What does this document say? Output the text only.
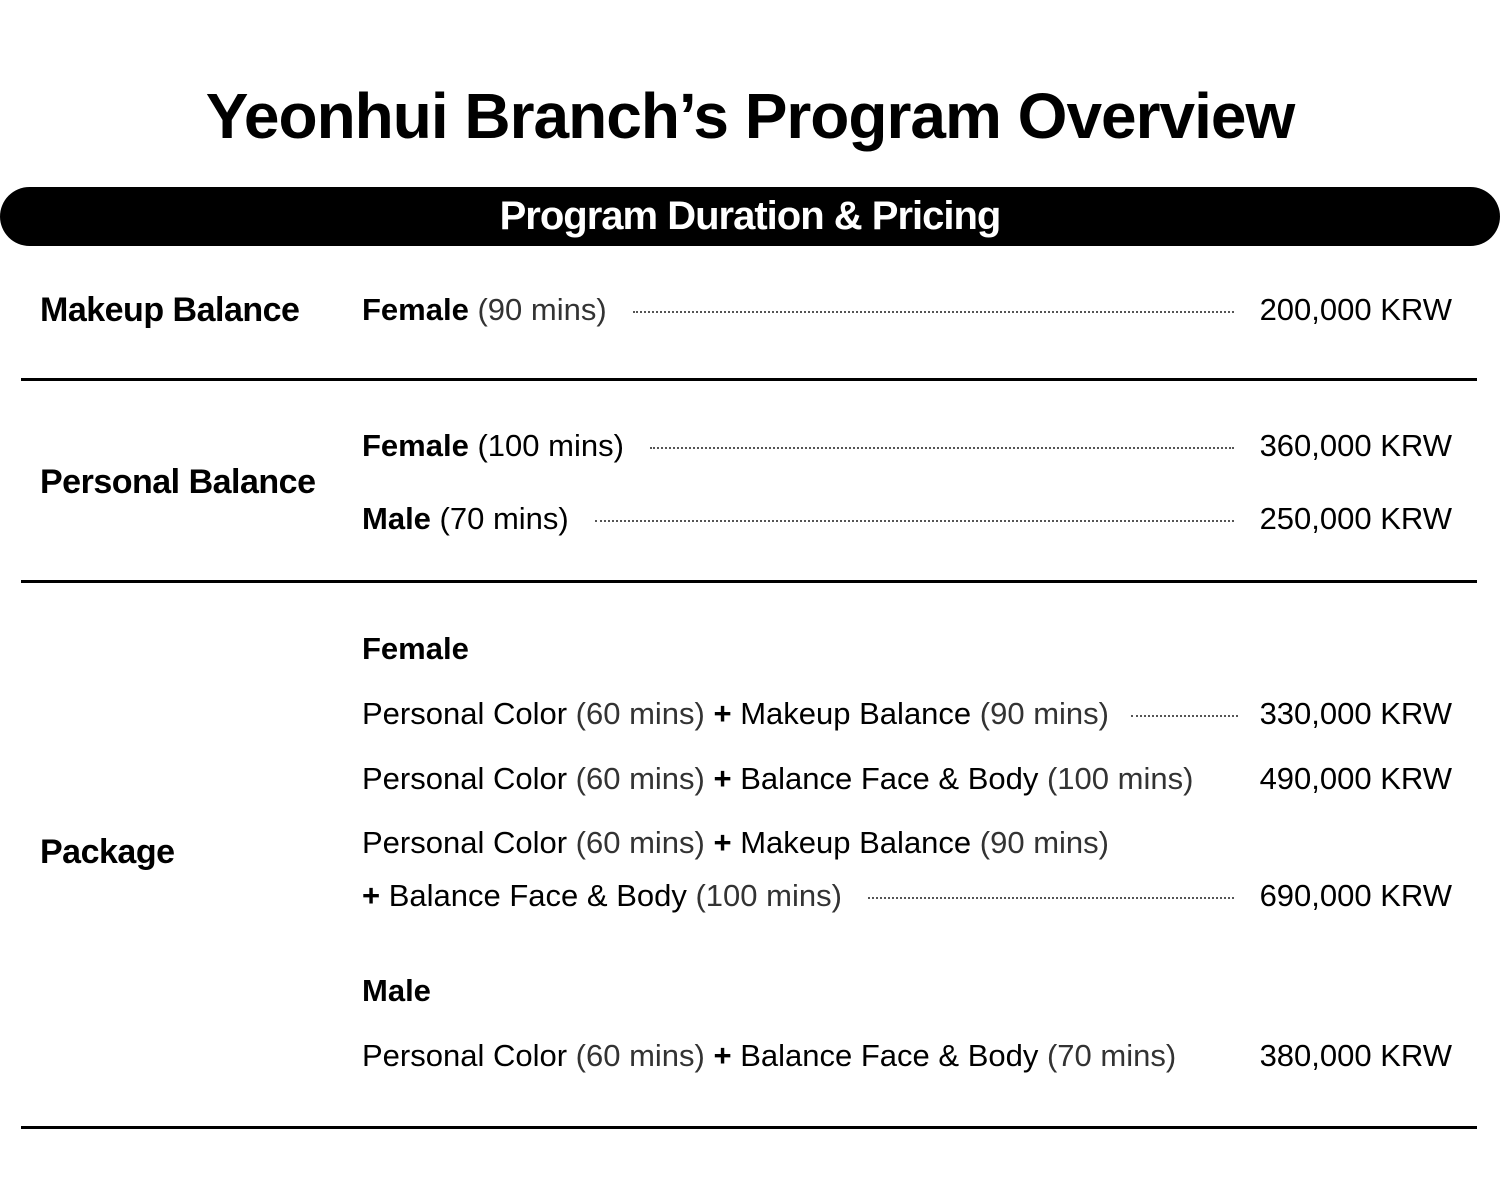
Yeonhui Branch’s Program Overview
Program Duration & Pricing
Makeup Balance Female (90 mins)	200,000 KRW
Personal Balance
Female (100 mins)	360,000 KRW
Male (70 mins)	250,000 KRW
Package
Female
Personal Color (60 mins) + Makeup Balance (90 mins)	330,000 KRW
Personal Color (60 mins) + Balance Face & Body (100 mins) 490,000 KRW
Personal Color (60 mins) + Makeup Balance (90 mins)
+ Balance Face & Body (100 mins)	690,000 KRW
Male
Personal Color (60 mins) + Balance Face & Body (70 mins)	380,000 KRW
